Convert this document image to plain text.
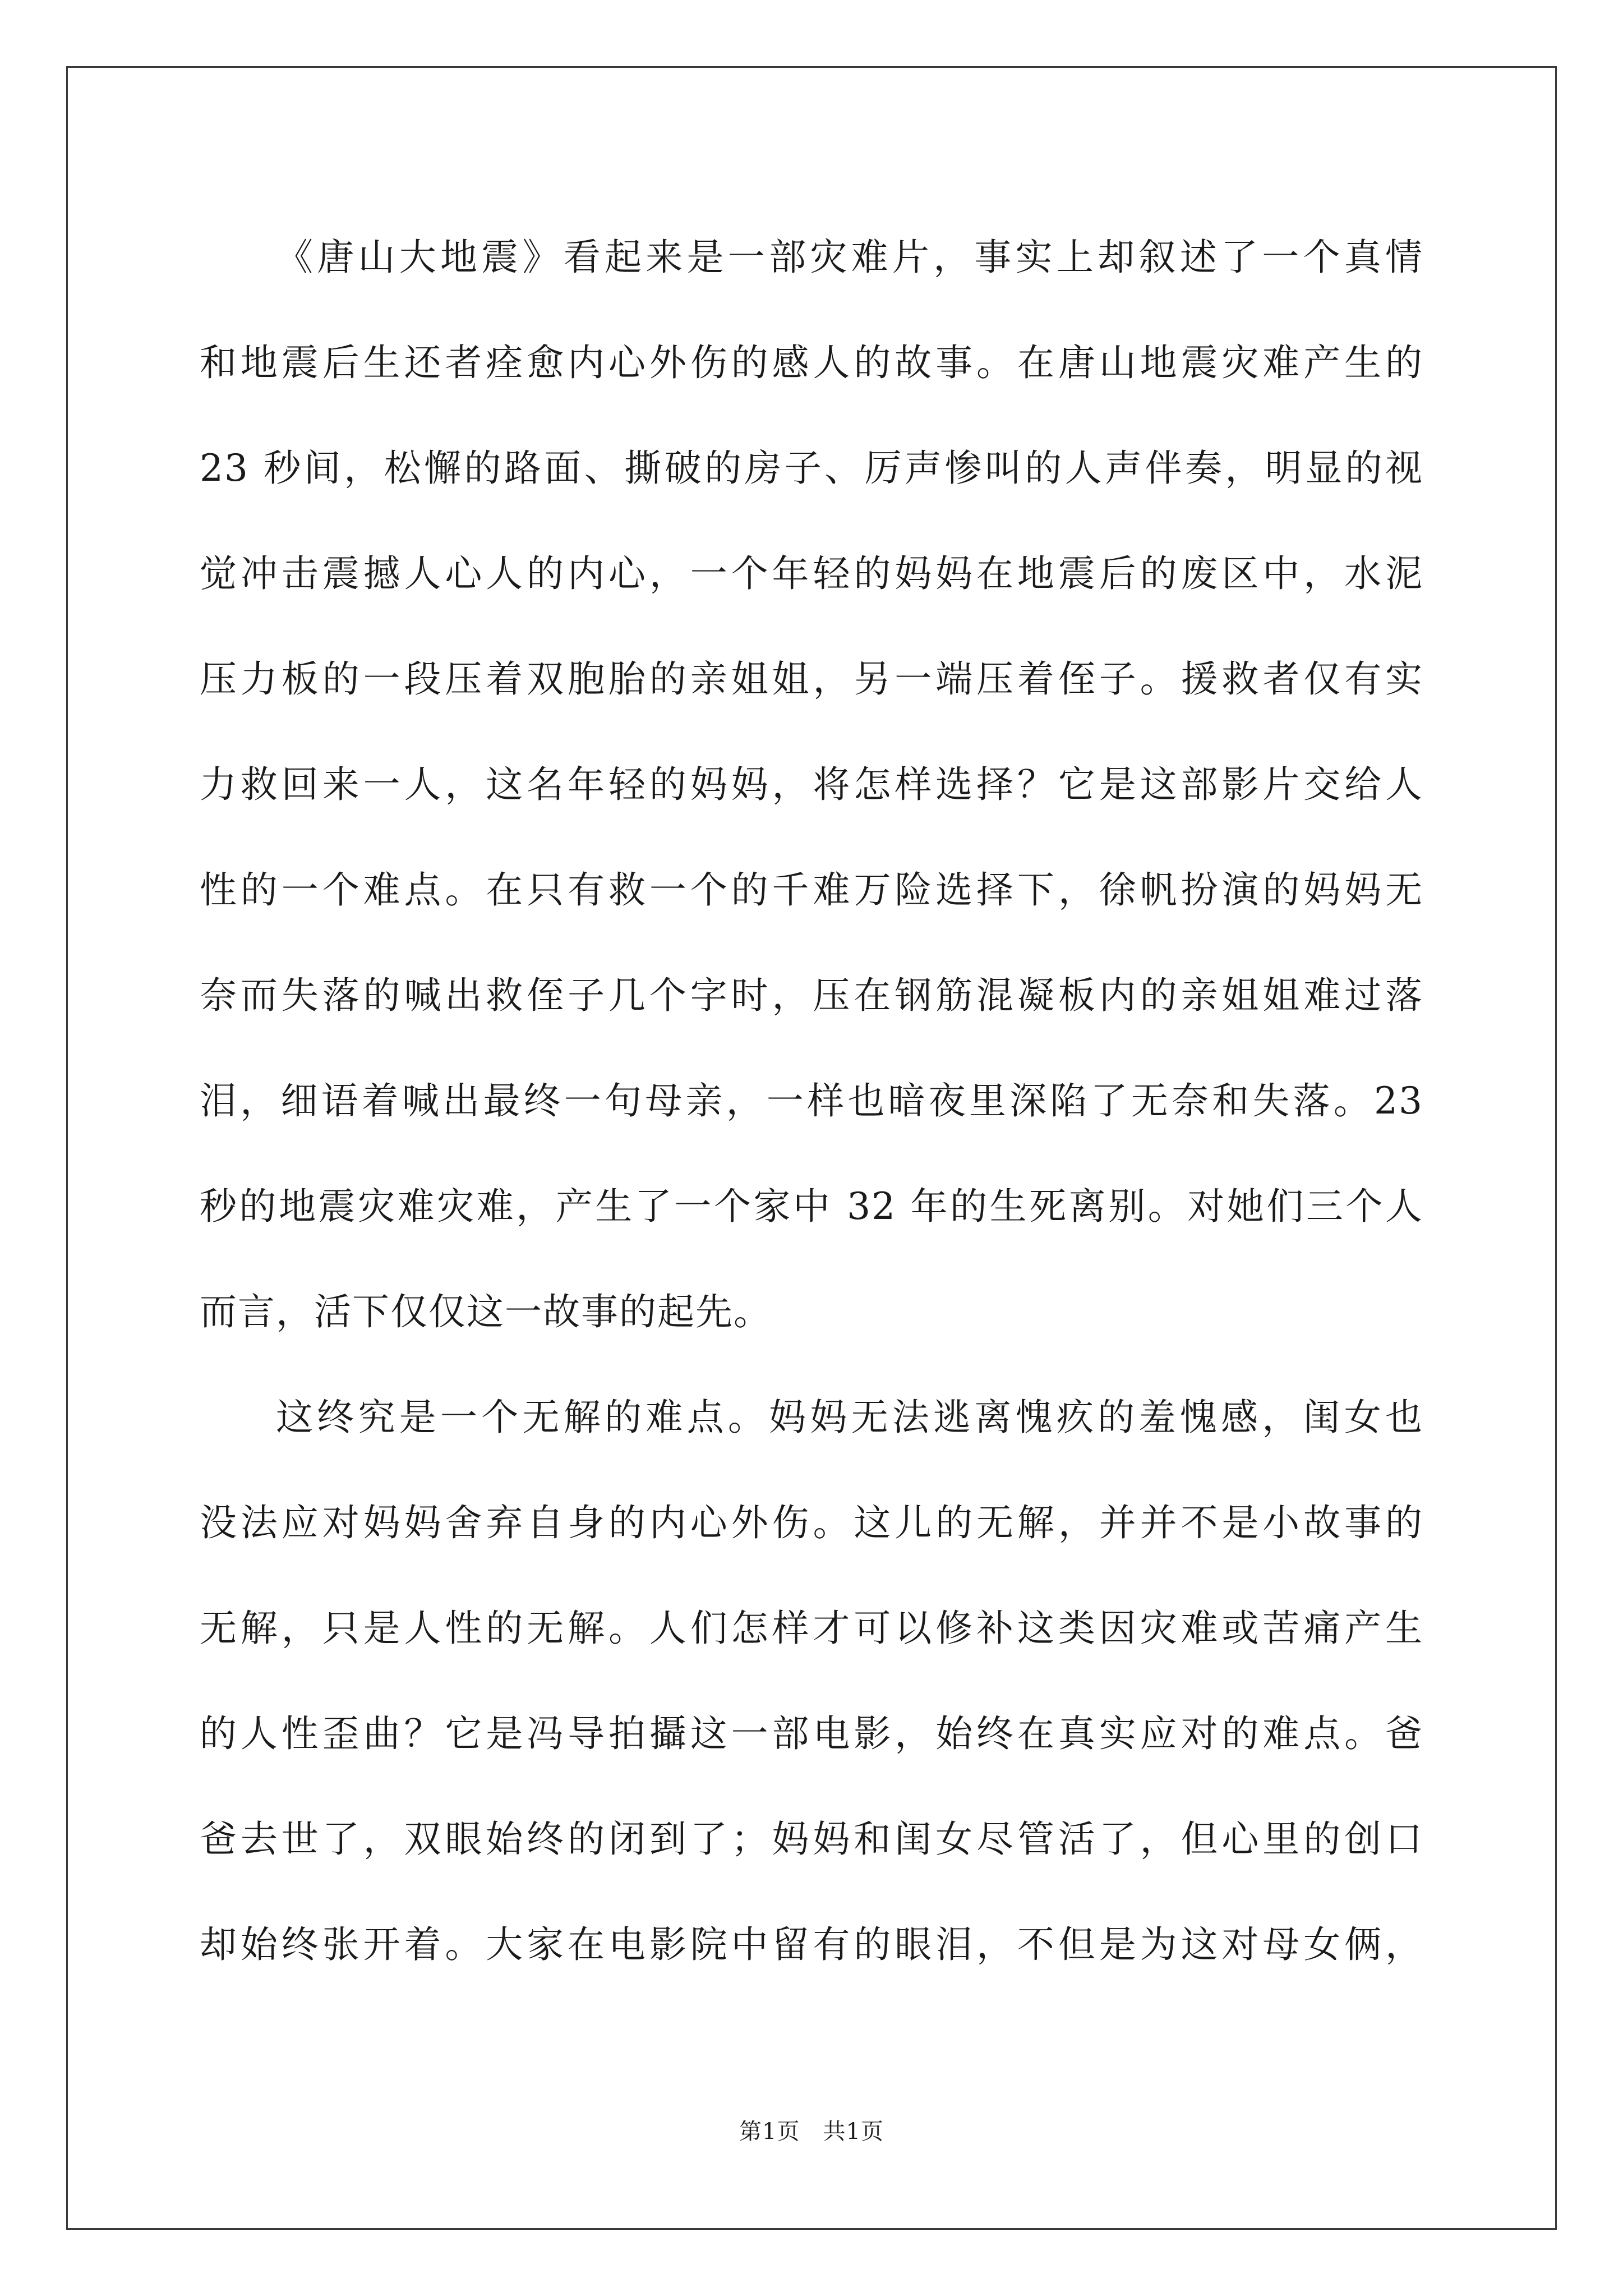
《唐山大地震》看起来是一部灾难片，事实上却叙述了一个真情
和地震后生还者痊愈内心外伤的感人的故事。在唐山地震灾难产生的
23 秒间，松懈的路面、撕破的房子、厉声惨叫的人声伴奏，明显的视
觉冲击震撼人心人的内心，一个年轻的妈妈在地震后的废区中，水泥
压力板的一段压着双胞胎的亲姐姐，另一端压着侄子。援救者仅有实
力救回来一人，这名年轻的妈妈，将怎样选择？它是这部影片交给人
性的一个难点。在只有救一个的千难万险选择下，徐帆扮演的妈妈无
奈而失落的喊出救侄子几个字时，压在钢筋混凝板内的亲姐姐难过落
泪，细语着喊出最终一句母亲，一样也暗夜里深陷了无奈和失落。23
秒的地震灾难灾难，产生了一个家中 32 年的生死离别。对她们三个人
而言，活下仅仅这一故事的起先。
这终究是一个无解的难点。妈妈无法逃离愧疚的羞愧感，闺女也
没法应对妈妈舍弃自身的内心外伤。这儿的无解，并并不是小故事的
无解，只是人性的无解。人们怎样才可以修补这类因灾难或苦痛产生
的人性歪曲？它是冯导拍攝这一部电影，始终在真实应对的难点。爸
爸去世了，双眼始终的闭到了；妈妈和闺女尽管活了，但心里的创口
却始终张开着。大家在电影院中留有的眼泪，不但是为这对母女俩，
第1页　共1页
